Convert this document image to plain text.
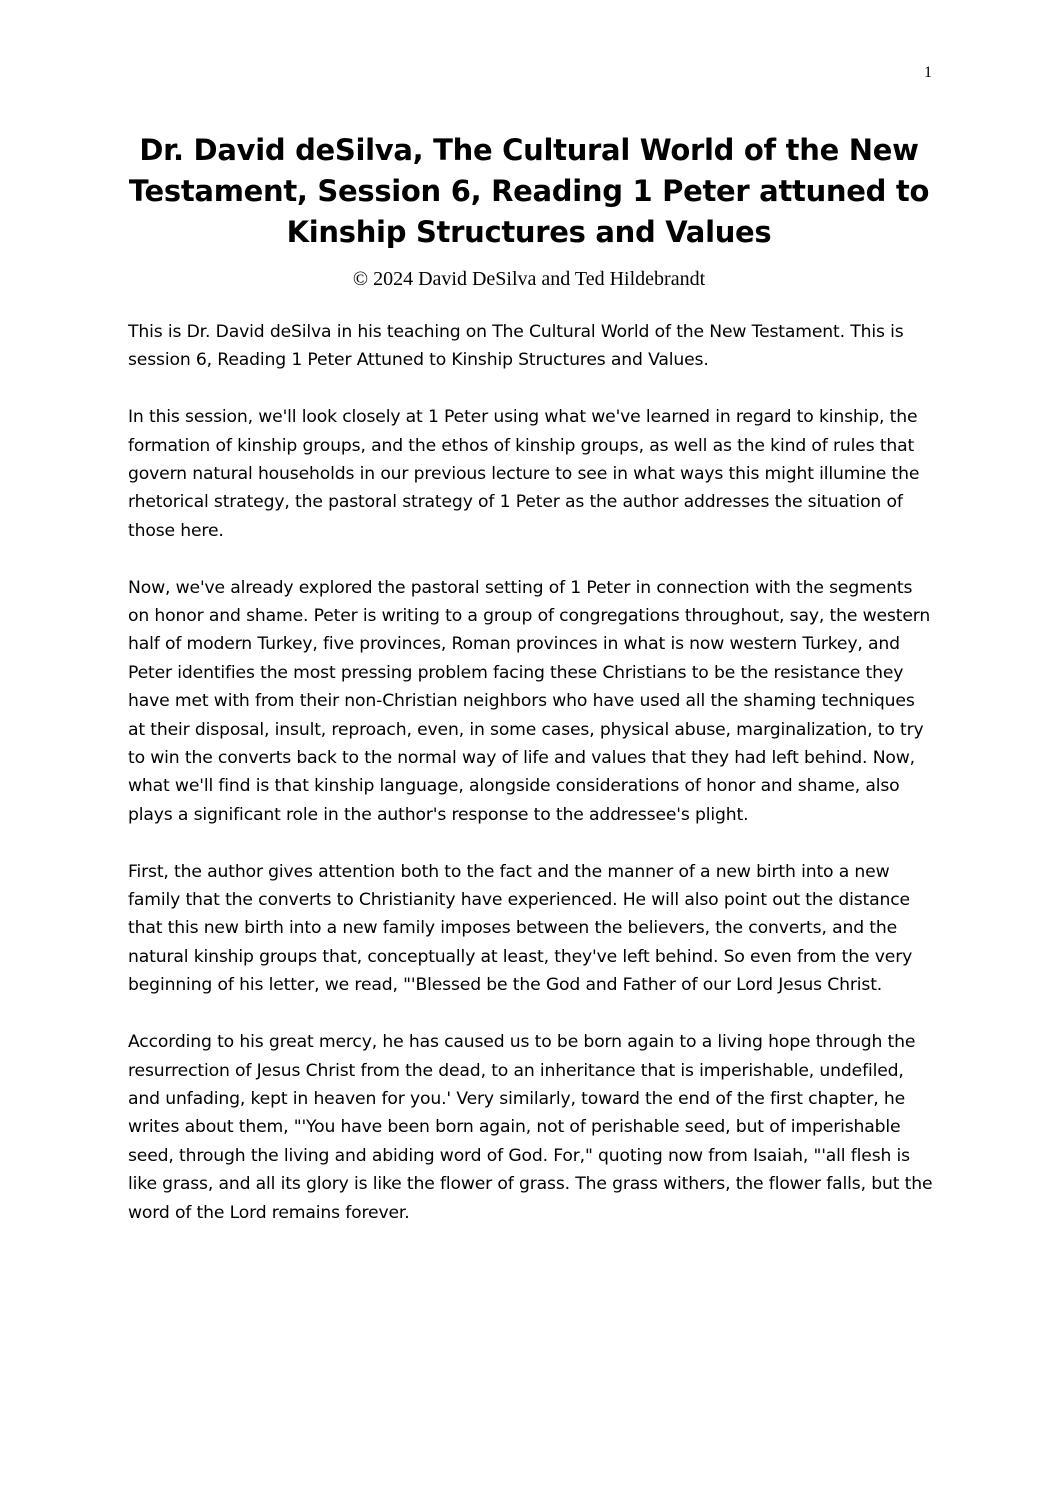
1
Dr. David deSilva, The Cultural World of the New Testament, Session 6, Reading 1 Peter attuned to Kinship Structures and Values
© 2024 David DeSilva and Ted Hildebrandt

This is Dr. David deSilva in his teaching on The Cultural World of the New Testament. This is session 6, Reading 1 Peter Attuned to Kinship Structures and Values.

In this session, we'll look closely at 1 Peter using what we've learned in regard to kinship, the formation of kinship groups, and the ethos of kinship groups, as well as the kind of rules that govern natural households in our previous lecture to see in what ways this might illumine the rhetorical strategy, the pastoral strategy of 1 Peter as the author addresses the situation of those here.

Now, we've already explored the pastoral setting of 1 Peter in connection with the segments on honor and shame. Peter is writing to a group of congregations throughout, say, the western half of modern Turkey, five provinces, Roman provinces in what is now western Turkey, and Peter identifies the most pressing problem facing these Christians to be the resistance they have met with from their non-Christian neighbors who have used all the shaming techniques at their disposal, insult, reproach, even, in some cases, physical abuse, marginalization, to try to win the converts back to the normal way of life and values that they had left behind. Now, what we'll find is that kinship language, alongside considerations of honor and shame, also plays a significant role in the author's response to the addressee's plight.

First, the author gives attention both to the fact and the manner of a new birth into a new family that the converts to Christianity have experienced. He will also point out the distance that this new birth into a new family imposes between the believers, the converts, and the natural kinship groups that, conceptually at least, they've left behind. So even from the very beginning of his letter, we read, "'Blessed be the God and Father of our Lord Jesus Christ.

According to his great mercy, he has caused us to be born again to a living hope through the resurrection of Jesus Christ from the dead, to an inheritance that is imperishable, undefiled, and unfading, kept in heaven for you.' Very similarly, toward the end of the first chapter, he writes about them, "'You have been born again, not of perishable seed, but of imperishable seed, through the living and abiding word of God. For," quoting now from Isaiah, "'all flesh is like grass, and all its glory is like the flower of grass. The grass withers, the flower falls, but the word of the Lord remains forever.
